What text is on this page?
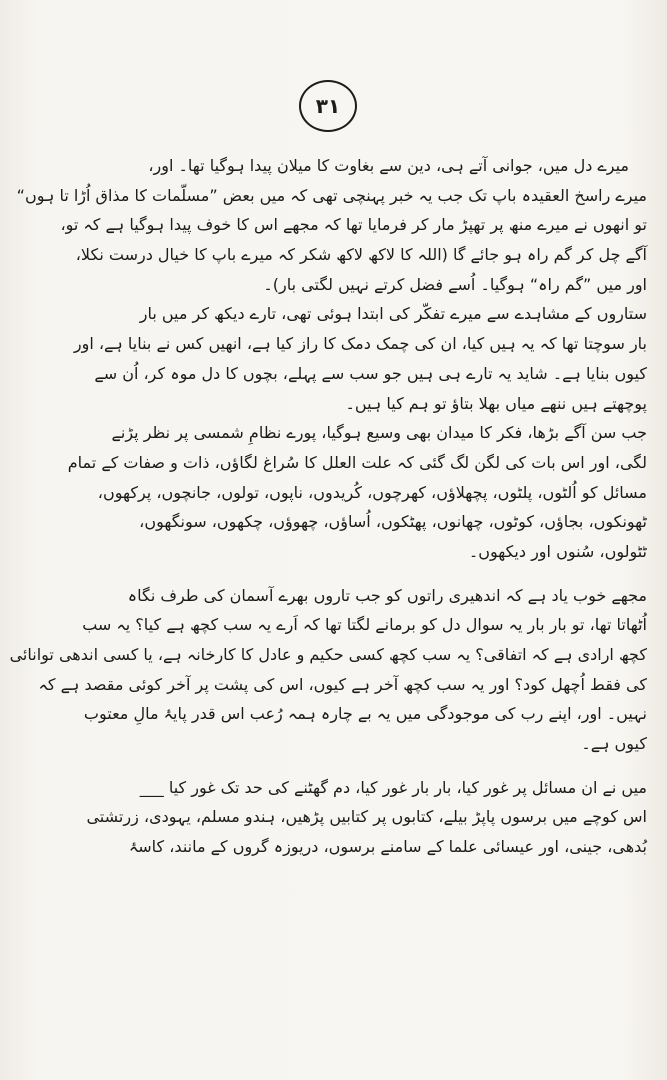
۳۱
میرے دل میں، جوانی آتے ہی، دین سے بغاوت کا میلان پیدا ہوگیا تھا۔ اور،
میرے راسخ العقیدہ باپ تک جب یہ خبر پہنچی تھی کہ میں بعض ”مسلّمات کا مذاق اُڑا تا ہوں“
تو انھوں نے میرے منھ پر تھپڑ مار کر فرمایا تھا کہ مجھے اس کا خوف پیدا ہوگیا ہے کہ تو،
آگے چل کر گم راہ ہو جائے گا (اللہ کا لاکھ لاکھ شکر کہ میرے باپ کا خیال درست نکلا،
اور میں ”گم راہ“ ہوگیا۔ اُسے فضل کرتے نہیں لگتی بار)۔
ستاروں کے مشاہدے سے میرے تفکّر کی ابتدا ہوئی تھی، تارے دیکھ کر میں بار
بار سوچتا تھا کہ یہ ہیں کیا، ان کی چمک دمک کا راز کیا ہے، انھیں کس نے بنایا ہے، اور
کیوں بنایا ہے۔ شاید یہ تارے ہی ہیں جو سب سے پہلے، بچوں کا دل موہ کر، اُن سے
پوچھتے ہیں ننھے میاں بھلا بتاؤ تو ہم کیا ہیں۔
جب سن آگے بڑھا، فکر کا میدان بھی وسیع ہوگیا، پورے نظامِ شمسی پر نظر پڑنے
لگی، اور اس بات کی لگن لگ گئی کہ علت العلل کا سُراغ لگاؤں، ذات و صفات کے تمام
مسائل کو اُلٹوں، پلٹوں، پچھلاؤں، کھرچوں، کُریدوں، ناپوں، تولوں، جانچوں، پرکھوں،
ٹھونکوں، بجاؤں، کوٹوں، چھانوں، پھٹکوں، اُساؤں، چھوؤں، چکھوں، سونگھوں،
ٹٹولوں، سُنوں اور دیکھوں۔
مجھے خوب یاد ہے کہ اندھیری راتوں کو جب تاروں بھرے آسمان کی طرف نگاہ
اُٹھاتا تھا، تو بار بار یہ سوال دل کو برمانے لگتا تھا کہ اَرے یہ سب کچھ ہے کیا؟ یہ سب
کچھ ارادی ہے کہ اتفاقی؟ یہ سب کچھ کسی حکیم و عادل کا کارخانہ ہے، یا کسی اندھی توانائی
کی فقط اُچھل کود؟ اور یہ سب کچھ آخر ہے کیوں، اس کی پشت پر آخر کوئی مقصد ہے کہ
نہیں۔ اور، اپنے رب کی موجودگی میں یہ بے چارہ ہمہ رُعب اس قدر پایۂ مالِ معتوب
کیوں ہے۔
میں نے ان مسائل پر غور کیا، بار بار غور کیا، دم گھٹنے کی حد تک غور کیا ___
اس کوچے میں برسوں پاپڑ بیلے، کتابوں پر کتابیں پڑھیں، ہندو مسلم، یہودی، زرتشتی
بُدھی، جینی، اور عیسائی علما کے سامنے برسوں، دریوزہ گروں کے مانند، کاسۂ
